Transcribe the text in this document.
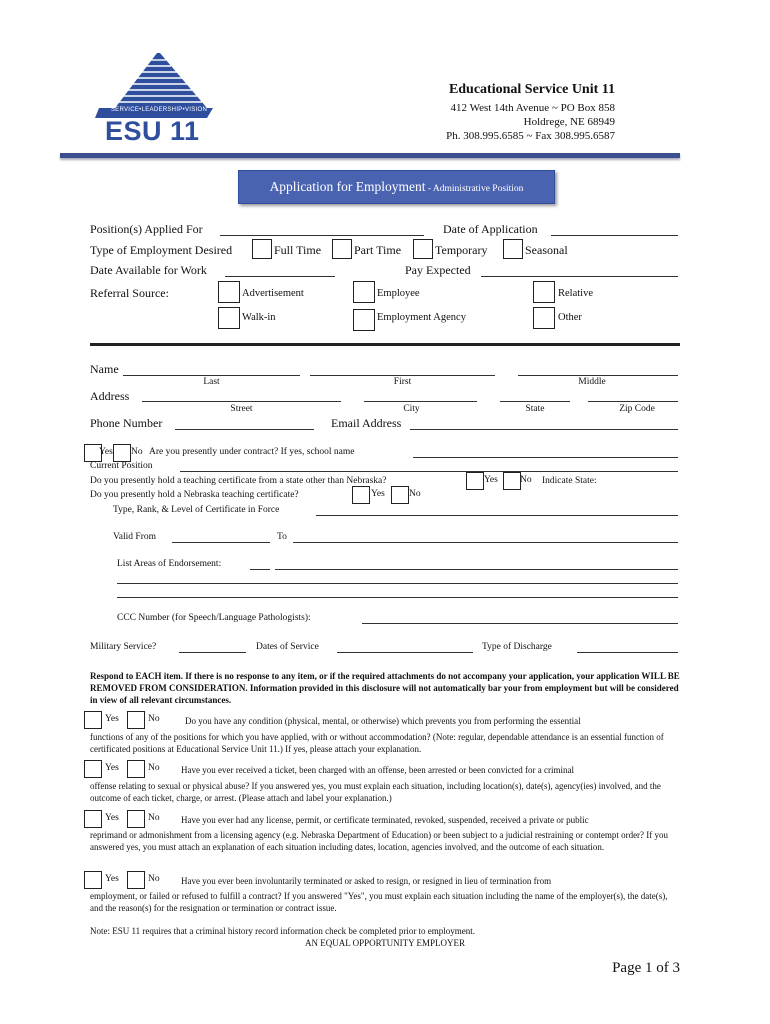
SERVICE•LEADERSHIP•VISION
ESU 11
Educational Service Unit 11
412 West 14th Avenue ~ PO Box 858
Holdrege, NE 68949
Ph. 308.995.6585 ~ Fax 308.995.6587
Application for Employment - Administrative Position
Position(s) Applied For	Date of Application
Type of Employment Desired	Full Time	Part Time	Temporary	Seasonal
Date Available for Work	Pay Expected
Referral Source:	Advertisement	Employee	Relative
Walk-in	Employment Agency	Other
Name
Last	First	Middle
Address
Street	City	State	Zip Code
Phone Number	Email Address
Yes No Are you presently under contract? If yes, school name
Current Position
Do you presently hold a teaching certificate from a state other than Nebraska?	Yes No Indicate State:
Do you presently hold a Nebraska teaching certificate?	Yes	No
Type, Rank, & Level of Certificate in Force
Valid From	To
List Areas of Endorsement:
CCC Number (for Speech/Language Pathologists):
Military Service?	Dates of Service	Type of Discharge
Respond to EACH item. If there is no response to any item, or if the required attachments do not accompany your application, your application WILL BE REMOVED FROM CONSIDERATION. Information provided in this disclosure will not automatically bar your from employment but will be considered in view of all relevant circumstances.
Yes	No	Do you have any condition (physical, mental, or otherwise) which prevents you from performing the essential
functions of any of the positions for which you have applied, with or without accommodation? (Note: regular, dependable attendance is an essential function of certificated positions at Educational Service Unit 11.) If yes, please attach your explanation.
Yes	No Have you ever received a ticket, been charged with an offense, been arrested or been convicted for a criminal
offense relating to sexual or physical abuse? If you answered yes, you must explain each situation, including location(s), date(s), agency(ies) involved, and the outcome of each ticket, charge, or arrest. (Please attach and label your explanation.)
Yes	No Have you ever had any license, permit, or certificate terminated, revoked, suspended, received a private or public
reprimand or admonishment from a licensing agency (e.g. Nebraska Department of Education) or been subject to a judicial restraining or contempt order? If you answered yes, you must attach an explanation of each situation including dates, location, agencies involved, and the outcome of each situation.
Yes	No Have you ever been involuntarily terminated or asked to resign, or resigned in lieu of termination from
employment, or failed or refused to fulfill a contract? If you answered "Yes", you must explain each situation including the name of the employer(s), the date(s), and the reason(s) for the resignation or termination or contract issue.
Note: ESU 11 requires that a criminal history record information check be completed prior to employment.
AN EQUAL OPPORTUNITY EMPLOYER
Page 1 of 3
